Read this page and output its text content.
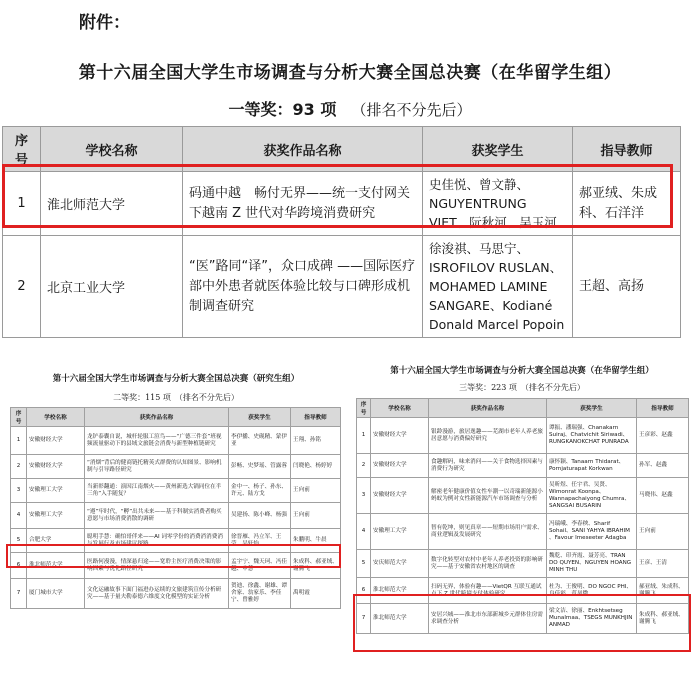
附件：
第十六届全国大学生市场调查与分析大赛全国总决赛（在华留学生组）
一等奖：93 项 （排名不分先后）
序号	学校名称	获奖作品名称	获奖学生	指导教师
1	淮北师范大学	码通中越　畅付无界——统一支付网关下越南 Z 世代对华跨境消费研究	史佳悦、曾文静、NGUYENTRUNG VIET、阮秋河、吴玉河	郝亚绒、朱成科、石洋洋
2	北京工业大学	“医”路同“译”，众口成碑 ——国际医疗部中外患者就医体验比较与口碑形成机制调查研究	徐浚祺、马思宁、ISROFILOV RUSLAN、MOHAMED LAMINE SANGARE、Kodiané Donald Marcel Popoin	王超、高扬
第十六届全国大学生市场调查与分析大赛全国总决赛（研究生组）
二等奖：115 项　（排名不分先后）
序号	学校名称	获奖作品名称	获奖学生	指导教师
1	安徽财经大学	龙铲泰囊自说，城杆轮服工渲鸟——“广德三件套”班视频流量驱动下的县域文旅链会消费与新型种植链研究	李伊播、史砚精、蒙伊亚	王翔、孙铭
2	安徽财经大学	“消烟”背后的健商链托精英式群费的认知图景、影响机制与引导路径研究	彭畅、史梦瑶、管露蓉	闫晓艳、杨婷婷
3	安徽理工大学	当新彰翻通：演因江南烟火——黄州新选大锅同位在半三角”入手随复？	金中一、杨子、孙东、许元、陆方戈	王向前
4	安徽理工大学	“遵”牢时代，“孵”出共未来——基于科制实消费者购买意愿与市场消费消散的调研	吴建扬、陈小峰、杨强	王向前
5	合肥大学	聪明手慧：确怕哥伴来——AI 词零学份的消费消消费消与发展行及市场建议探路	徐晋雁、冯立军、王莹、吴轩怡	朱鹏明、牛晨
6	淮北师范大学	医路何漫漫，情深悬归途——宽聆主医疗消费决策的影响因素与优化路径研究	孟宇宁、魏天珂、冯佳越、申慧	朱成科、郝亚绒、谢腾飞
7	厦门城市大学	文化运融故事下面门福进办运续的文旅建筑宣传分析研究——基于量夫勒泰德六维度文化模型的实证分析	贺迪、徐鑫、谢雄、谭舍家、翁家乐、李佳宁、曾雅婷	禹明霞
第十六届全国大学生市场调查与分析大赛全国总决赛（在华留学生组）
三等奖：223 项　（排名不分先后）
序号	学校名称	获奖作品名称	获奖学生	指导教师
1	安徽财经大学	银龄漫游，旅居逸趣——芜湖市老年人养老旅居意愿与消费偏好研究	谭振、潘瑞强、Chanakarn Suiraj、Chatvichit Siriwadi、RUNGKANOKCHAT PUNRADA	王彦彩、赵鑫
2	安徽财经大学	食趣解码，味来消问——关于食物选择因素与消费行为研究	康怀颖、Tanaarn Thidarat、Pornjaturapat Korkwan	孙军、赵鑫
3	安徽财经大学	解密老年健康价值女性车潮一以奇瑞新能源小蚂蚁为例对女性新能源汽车市场调查与分析	吴昕煜、任宇君、吴贤、Wimonrat Koonpa、Wannapachaiyong Chumra、SANGSAI BUSARIN	马晓伟、赵鑫
4	安徽理工大学	智有乾坤，则见真章——短期市场用户需求、商业逻辑及发展研究	冯瑞峨、李春秧、Sharif Sohail、SANI YAHYA IBRAHIM 、Favour Imeseeter Adagba	王向前
5	安庆师范大学	数字化转型对农村中老年人养老投资的影响研究——基于安徽省农村地区的调查	魏乾、印齐霞、聂芳亮、TRAN DO QUYEN、NGUYEN HOANG MINH THU	王彦、王清
6	淮北师范大学	扫码无界，体验有趣——VietQR 互联互通试点下 Z 世代跨境支付体验研究	杜为、王俊明、DO NGOC PHI、良佳彩、范凤微	郝亚绒、朱成科、谢腾飞
7	淮北师范大学	安居兴城——淮北市东部新城乡元群体住房需求调查分析	梁文洁、徐丽、Enkhtsetseg Munalmaa、TSEGS MUNKHJIN ANMAD	朱成科、郝亚绒、谢腾飞
